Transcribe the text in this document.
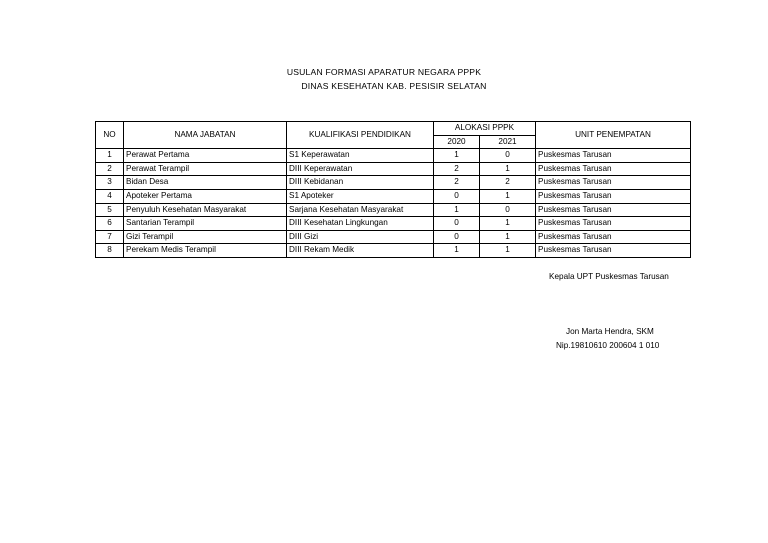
USULAN FORMASI APARATUR NEGARA PPPK
DINAS KESEHATAN KAB. PESISIR SELATAN
NO	NAMA JABATAN	KUALIFIKASI PENDIDIKAN	ALOKASI PPPK		UNIT PENEMPATAN
			2020	2021	
1	Perawat Pertama	S1 Keperawatan	1	0	Puskesmas Tarusan
2	Perawat Terampil	DIII Keperawatan	2	1	Puskesmas Tarusan
3	Bidan Desa	DIII Kebidanan	2	2	Puskesmas Tarusan
4	Apoteker Pertama	S1 Apoteker	0	1	Puskesmas Tarusan
5	Penyuluh Kesehatan Masyarakat	Sarjana Kesehatan Masyarakat	1	0	Puskesmas Tarusan
6	Santarian Terampil	DIII Kesehatan Lingkungan	0	1	Puskesmas Tarusan
7	Gizi Terampil	DIII Gizi	0	1	Puskesmas Tarusan
8	Perekam Medis Terampil	DIII Rekam Medik	1	1	Puskesmas Tarusan
Kepala UPT Puskesmas Tarusan
Jon Marta Hendra, SKM
Nip.19810610 200604 1 010
